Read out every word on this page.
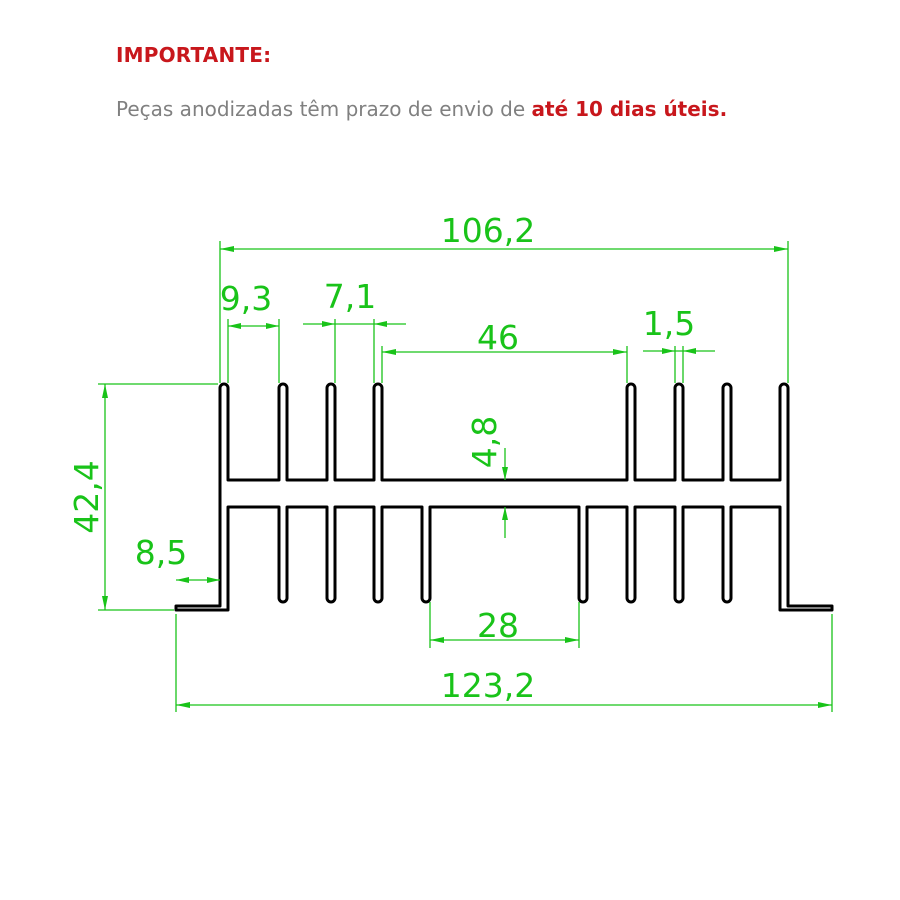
IMPORTANTE:
Peças anodizadas têm prazo de envio de até 10 dias úteis.
123,2
106,2
42,4
8,5
9,3 7,1
46	1,5
4,8
28
